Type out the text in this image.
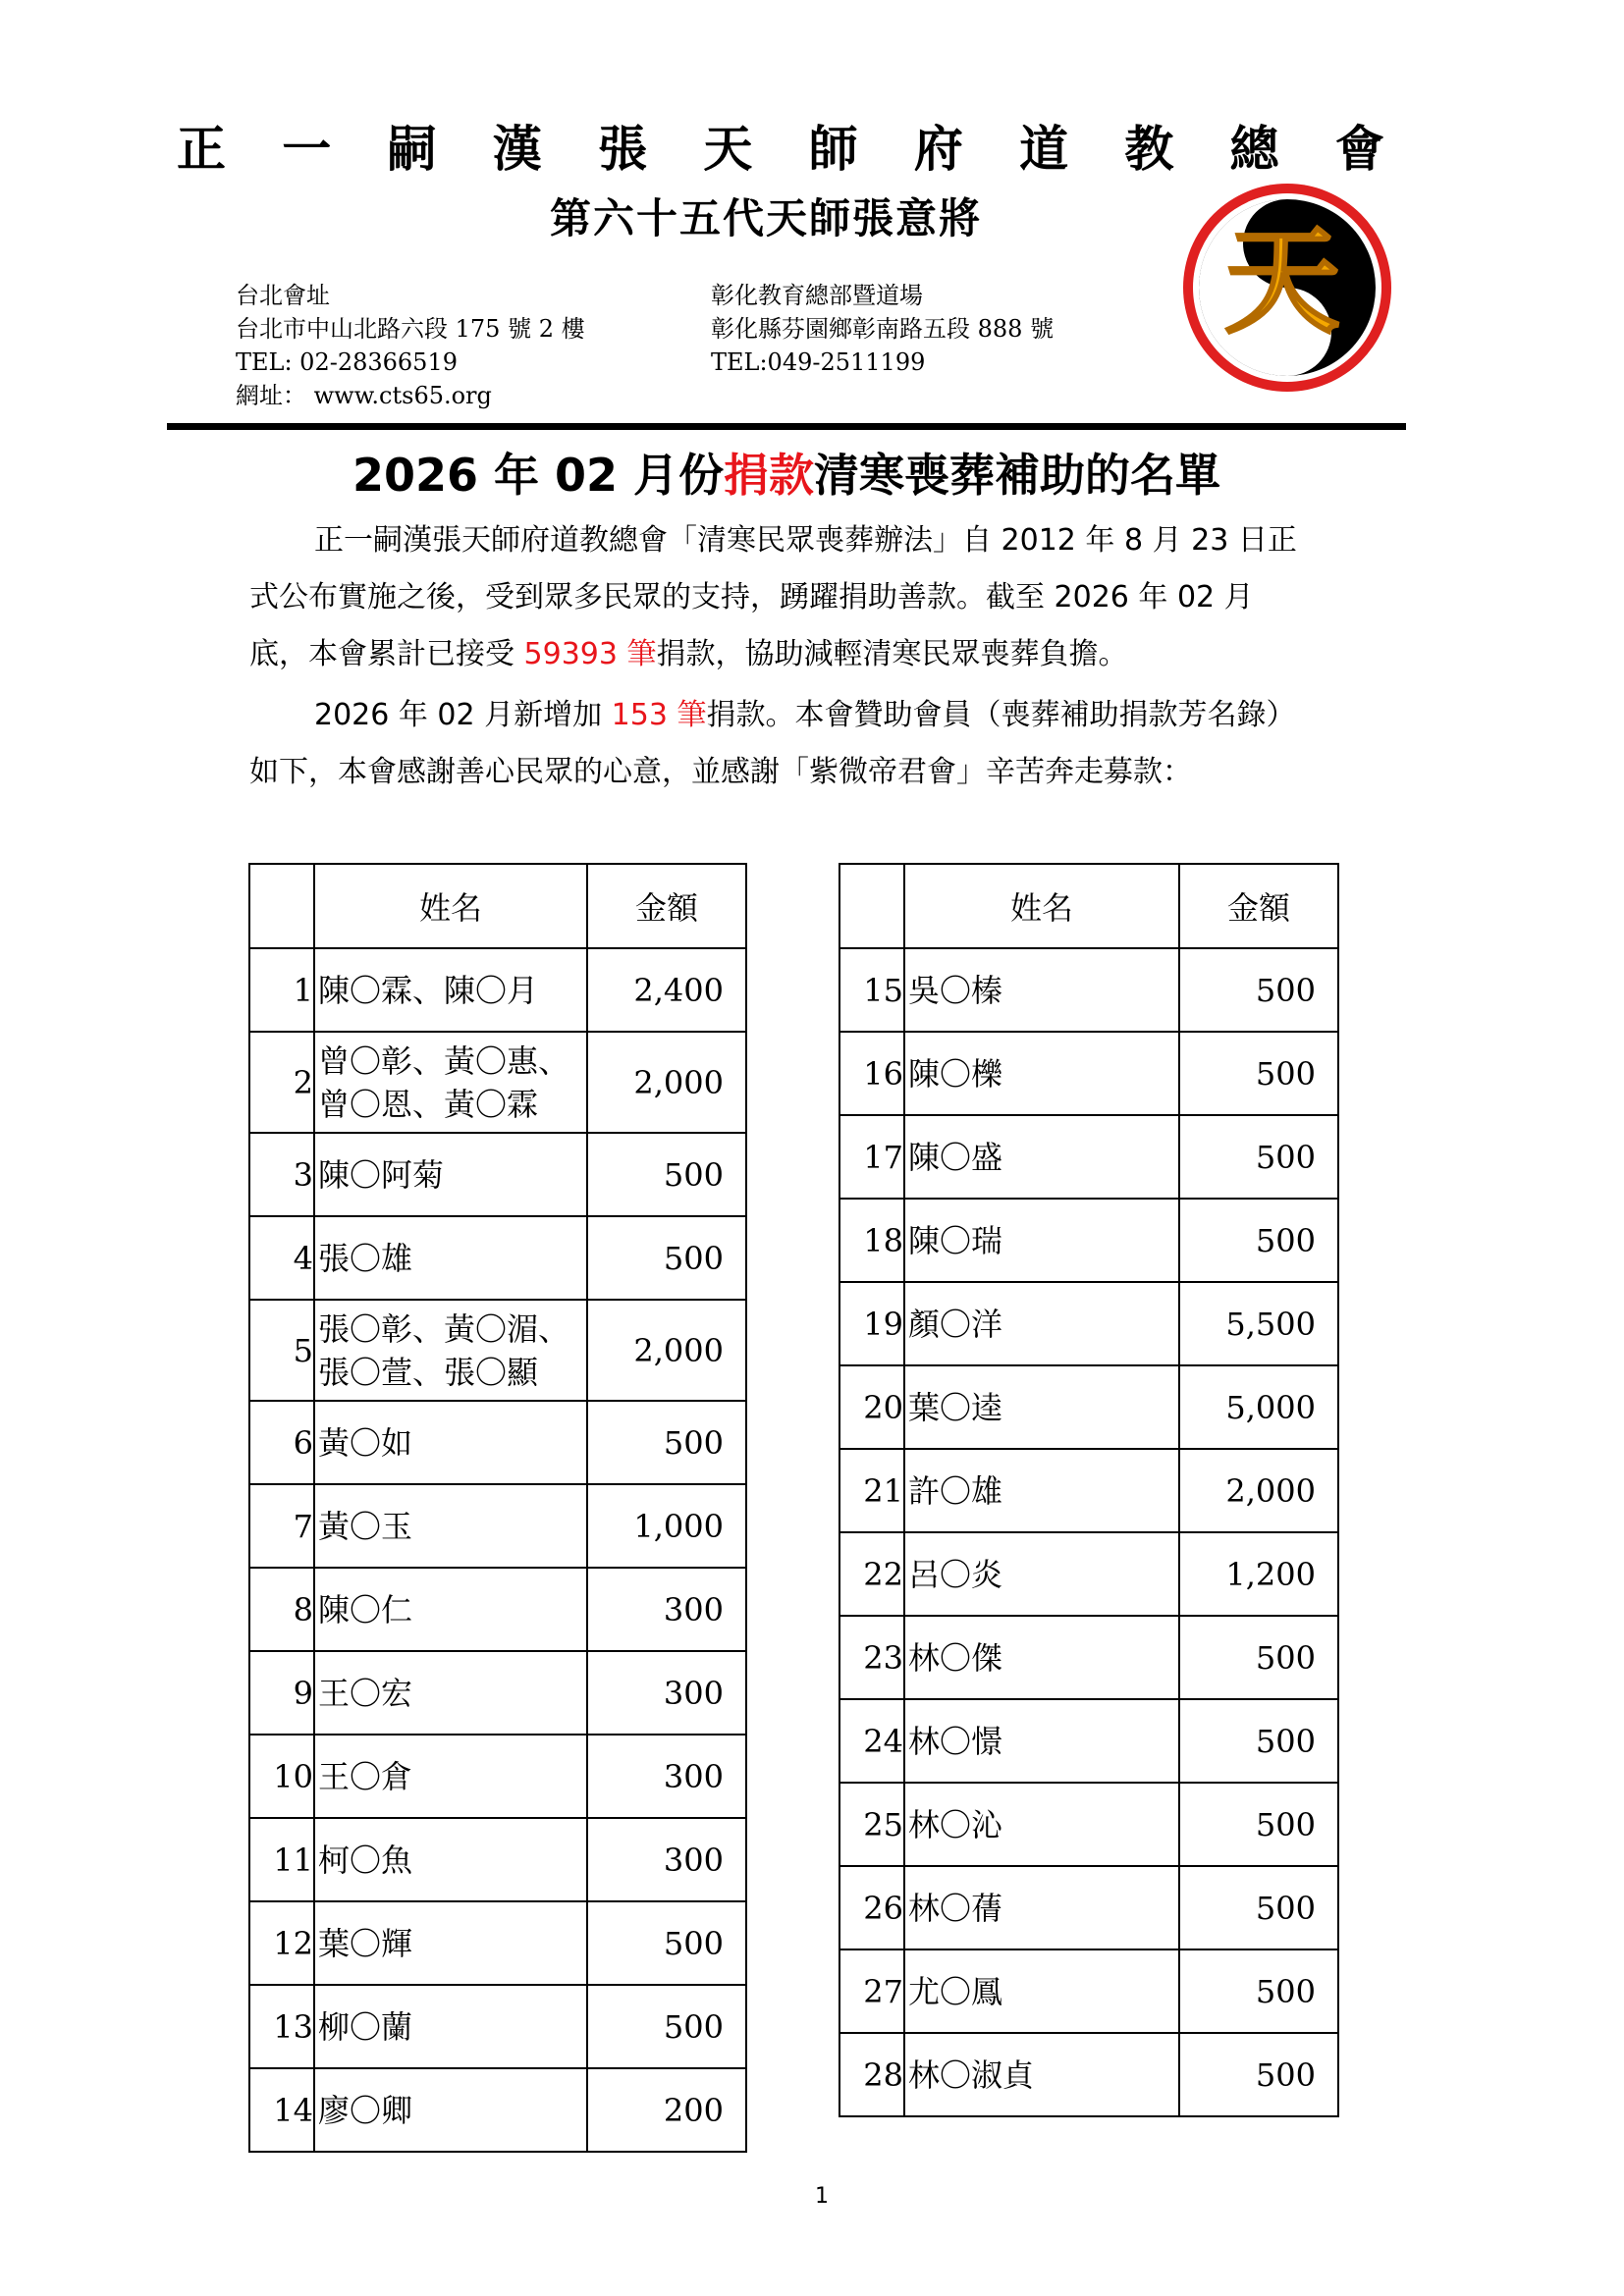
正 一 嗣 漢 張 天 師 府 道 教 總 會
第六十五代天師張意將	天
台北會址
台北市中山北路六段 175 號 2 樓
TEL: 02-28366519
網址： www.cts65.org
彰化教育總部暨道場
彰化縣芬園鄉彰南路五段 888 號
TEL:049-2511199
2026 年 02 月份捐款清寒喪葬補助的名單
正一嗣漢張天師府道教總會「清寒民眾喪葬辦法」自 2012 年 8 月 23 日正
式公布實施之後，受到眾多民眾的支持，踴躍捐助善款。截至 2026 年 02 月
底，本會累計已接受 59393 筆捐款，協助減輕清寒民眾喪葬負擔。
2026 年 02 月新增加 153 筆捐款。本會贊助會員（喪葬補助捐款芳名錄）
如下，本會感謝善心民眾的心意，並感謝「紫微帝君會」辛苦奔走募款：
	姓名	金額
1	陳〇霖、陳〇月	2,400
2	曾〇彰、黃〇惠、
曾〇恩、黃〇霖	2,000
3	陳〇阿菊	500
4	張〇雄	500
5	張〇彰、黃〇湄、
張〇萱、張〇顯	2,000
6	黃〇如	500
7	黃〇玉	1,000
8	陳〇仁	300
9	王〇宏	300
10	王〇倉	300
11	柯〇魚	300
12	葉〇輝	500
13	柳〇蘭	500
14	廖〇卿	200
	姓名	金額
15	吳〇榛	500
16	陳〇櫟	500
17	陳〇盛	500
18	陳〇瑞	500
19	顏〇洋	5,500
20	葉〇逵	5,000
21	許〇雄	2,000
22	呂〇炎	1,200
23	林〇傑	500
24	林〇憬	500
25	林〇沁	500
26	林〇蒨	500
27	尤〇鳳	500
28	林〇淑貞	500
1
